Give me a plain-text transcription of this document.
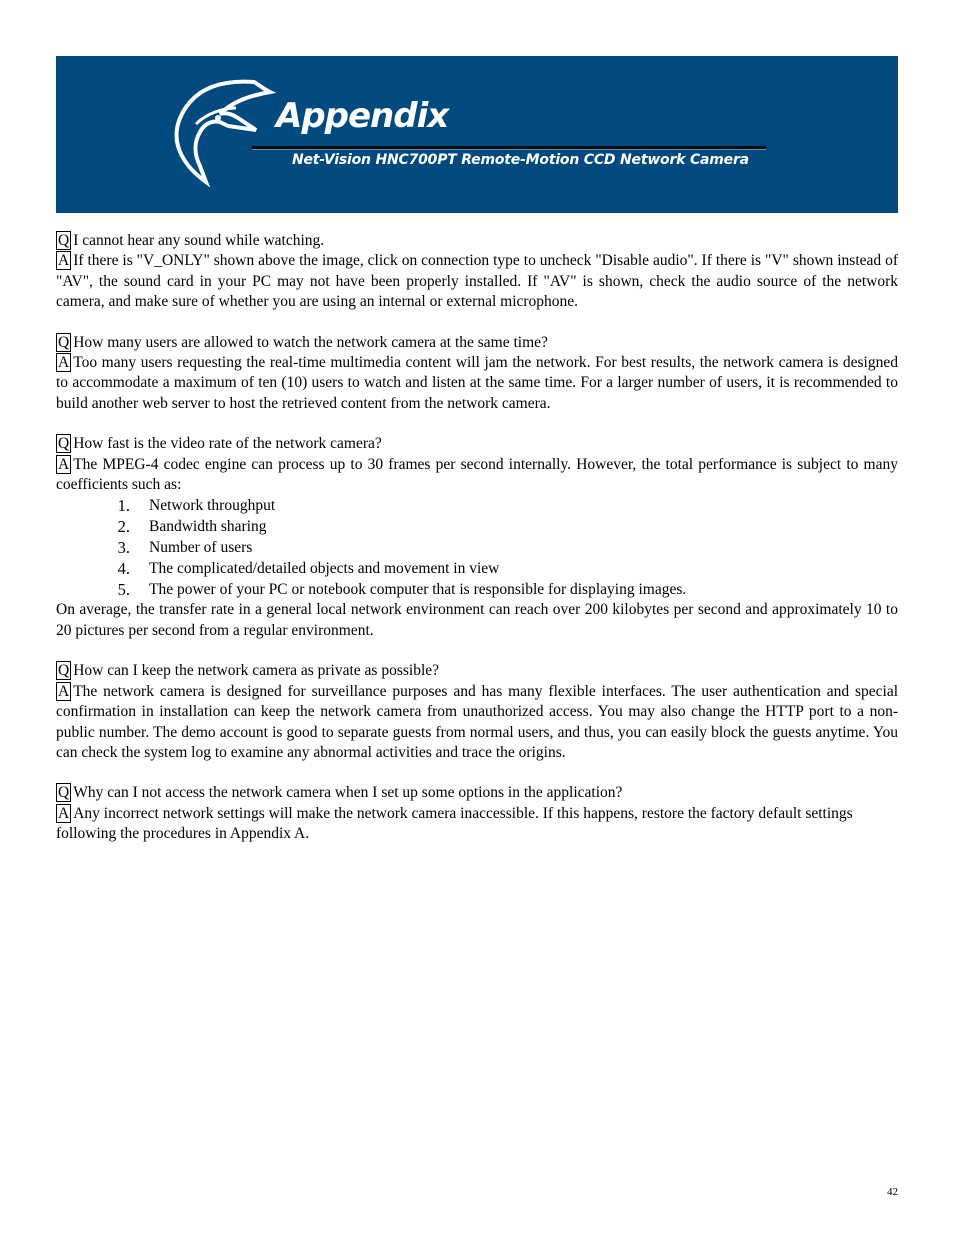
Appendix
Net-Vision HNC700PT Remote-Motion CCD Network Camera

Q I cannot hear any sound while watching.

A If there is "V_ONLY" shown above the image, click on connection type to uncheck "Disable audio". If there is "V" shown instead of "AV", the sound card in your PC may not have been properly installed. If "AV" is shown, check the audio source of the network camera, and make sure of whether you are using an internal or external microphone.

Q How many users are allowed to watch the network camera at the same time?

A Too many users requesting the real-time multimedia content will jam the network. For best results, the network camera is designed to accommodate a maximum of ten (10) users to watch and listen at the same time. For a larger number of users, it is recommended to build another web server to host the retrieved content from the network camera.

Q How fast is the video rate of the network camera?

A The MPEG-4 codec engine can process up to 30 frames per second internally. However, the total performance is subject to many coefficients such as:

1.	Network throughput
2.	Bandwidth sharing
3.	Number of users
4.	The complicated/detailed objects and movement in view
5.	The power of your PC or notebook computer that is responsible for displaying images.

On average, the transfer rate in a general local network environment can reach over 200 kilobytes per second and approximately 10 to 20 pictures per second from a regular environment.

Q How can I keep the network camera as private as possible?

A The network camera is designed for surveillance purposes and has many flexible interfaces. The user authentication and special confirmation in installation can keep the network camera from unauthorized access. You may also change the HTTP port to a non-public number. The demo account is good to separate guests from normal users, and thus, you can easily block the guests anytime. You can check the system log to examine any abnormal activities and trace the origins.

Q Why can I not access the network camera when I set up some options in the application?

A Any incorrect network settings will make the network camera inaccessible. If this happens, restore the factory default settings following the procedures in Appendix A.

42
